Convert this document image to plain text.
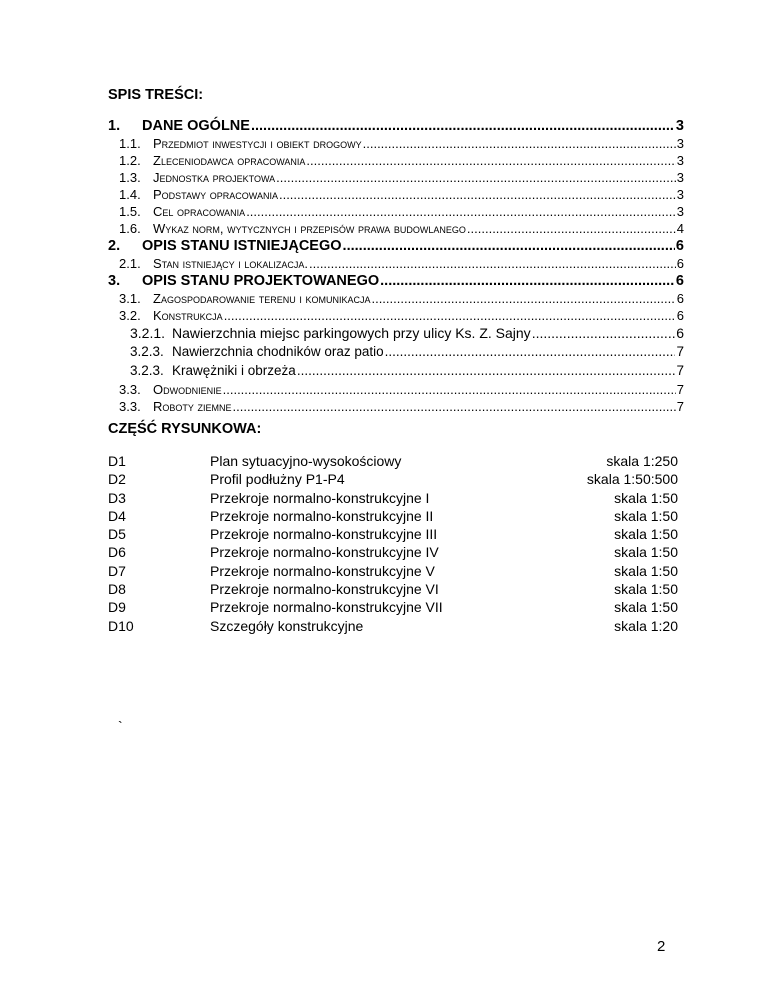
SPIS TREŚCI:
1.	DANE OGÓLNE .....	3
1.1. Przedmiot inwestycji i obiekt drogowy .....	3
1.2. Zleceniodawca opracowania .....	3
1.3. Jednostka projektowa .....	3
1.4. Podstawy opracowania .....	3
1.5. Cel opracowania .....	3
1.6. Wykaz norm, wytycznych i przepisów prawa budowlanego .....	4
2.	OPIS STANU ISTNIEJĄCEGO .....	6
2.1. Stan istniejący i lokalizacja. .....	6
3.	OPIS STANU PROJEKTOWANEGO .....	6
3.1. Zagospodarowanie terenu i komunikacja .....	6
3.2. Konstrukcja .....	6
3.2.1. Nawierzchnia miejsc parkingowych przy ulicy Ks. Z. Sajny .....	6
3.2.3. Nawierzchnia chodników oraz patio .....	7
3.2.3. Krawężniki i obrzeża .....	7
3.3. Odwodnienie .....	7
3.3. Roboty ziemne .....	7
CZĘŚĆ RYSUNKOWA:
D1	Plan sytuacyjno-wysokościowy	skala 1:250
D2	Profil podłużny P1-P4	skala 1:50:500
D3	Przekroje normalno-konstrukcyjne I	skala 1:50
D4	Przekroje normalno-konstrukcyjne II	skala 1:50
D5	Przekroje normalno-konstrukcyjne III	skala 1:50
D6	Przekroje normalno-konstrukcyjne IV	skala 1:50
D7	Przekroje normalno-konstrukcyjne V	skala 1:50
D8	Przekroje normalno-konstrukcyjne VI	skala 1:50
D9	Przekroje normalno-konstrukcyjne VII	skala 1:50
D10	Szczegóły konstrukcyjne	skala 1:20
`
2
